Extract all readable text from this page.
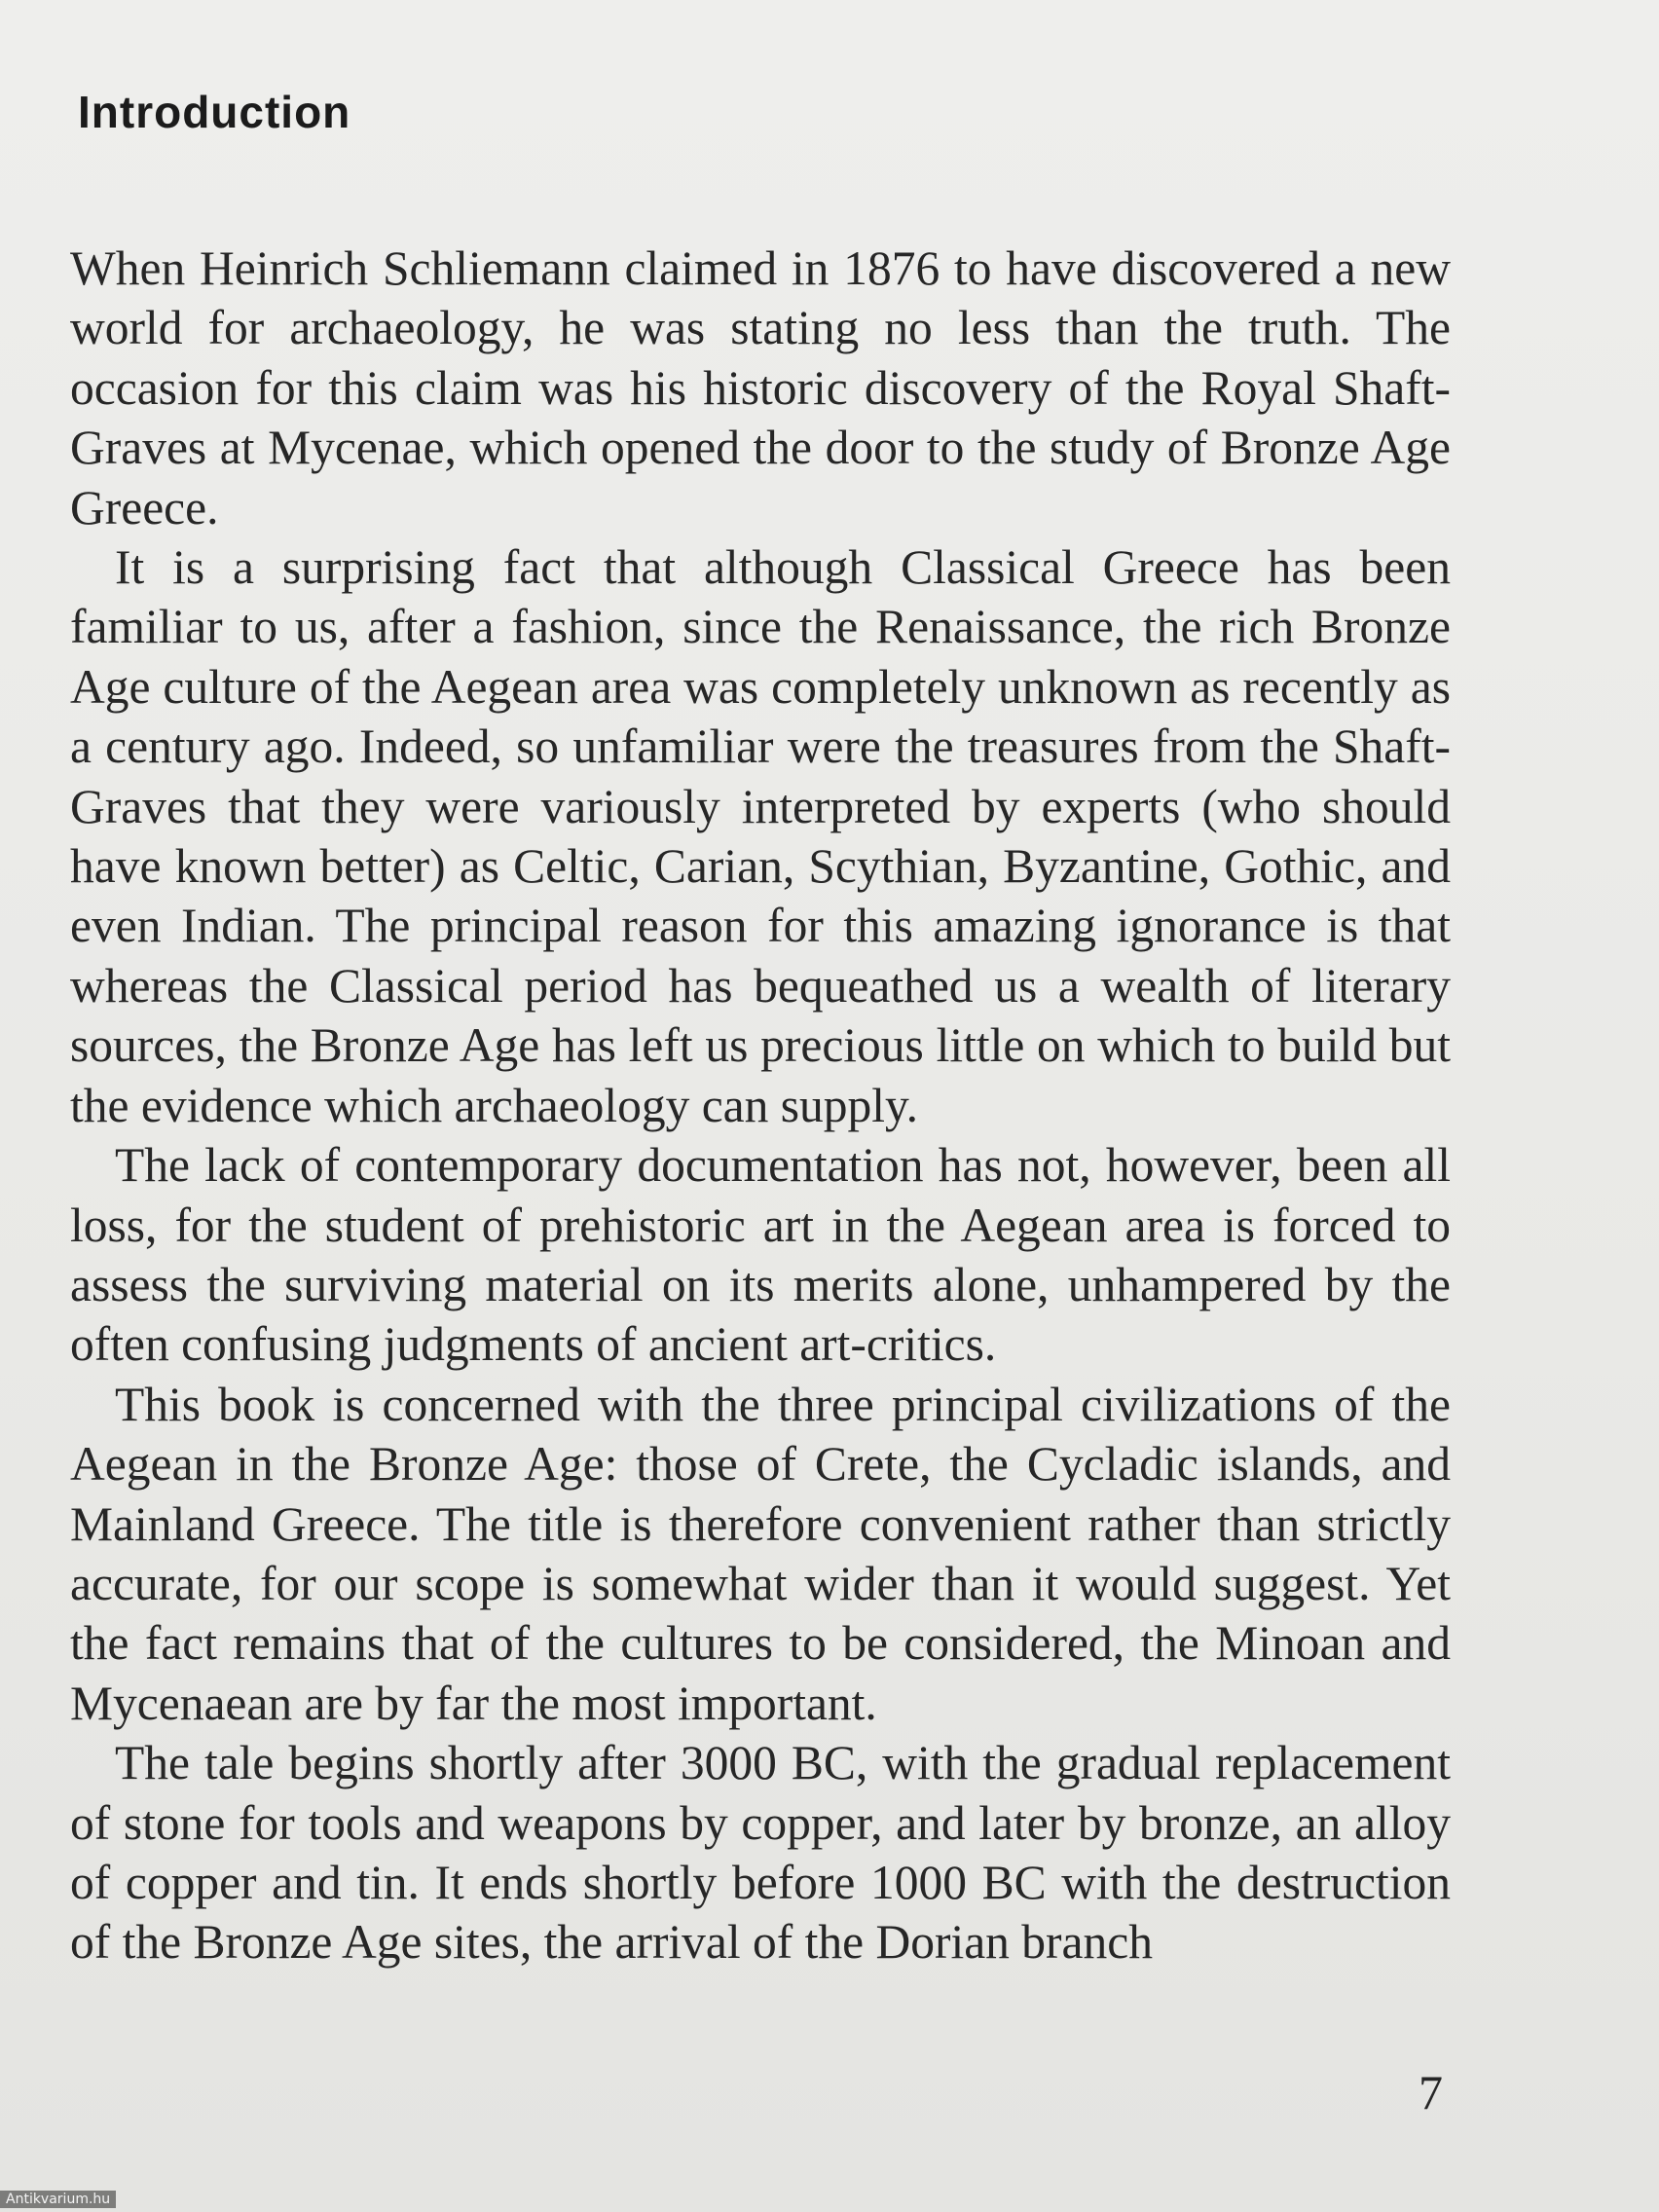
Introduction

When Heinrich Schliemann claimed in 1876 to have discovered a new world for archaeology, he was stating no less than the truth. The occasion for this claim was his historic discovery of the Royal Shaft-Graves at Mycenae, which opened the door to the study of Bronze Age Greece.

It is a surprising fact that although Classical Greece has been familiar to us, after a fashion, since the Renaissance, the rich Bronze Age culture of the Aegean area was completely unknown as recently as a century ago. Indeed, so unfamiliar were the treasures from the Shaft-Graves that they were variously interpreted by experts (who should have known better) as Celtic, Carian, Scythian, Byzantine, Gothic, and even Indian. The principal reason for this amazing ignorance is that whereas the Classical period has bequeathed us a wealth of literary sources, the Bronze Age has left us precious little on which to build but the evidence which archaeology can supply.

The lack of contemporary documentation has not, however, been all loss, for the student of prehistoric art in the Aegean area is forced to assess the surviving material on its merits alone, unhampered by the often confusing judgments of ancient art-critics.

This book is concerned with the three principal civilizations of the Aegean in the Bronze Age: those of Crete, the Cycladic islands, and Mainland Greece. The title is therefore convenient rather than strictly accurate, for our scope is somewhat wider than it would suggest. Yet the fact remains that of the cultures to be considered, the Minoan and Mycenaean are by far the most important.

The tale begins shortly after 3000 BC, with the gradual replacement of stone for tools and weapons by copper, and later by bronze, an alloy of copper and tin. It ends shortly before 1000 BC with the destruction of the Bronze Age sites, the arrival of the Dorian branch

7
Antikvarium.hu
